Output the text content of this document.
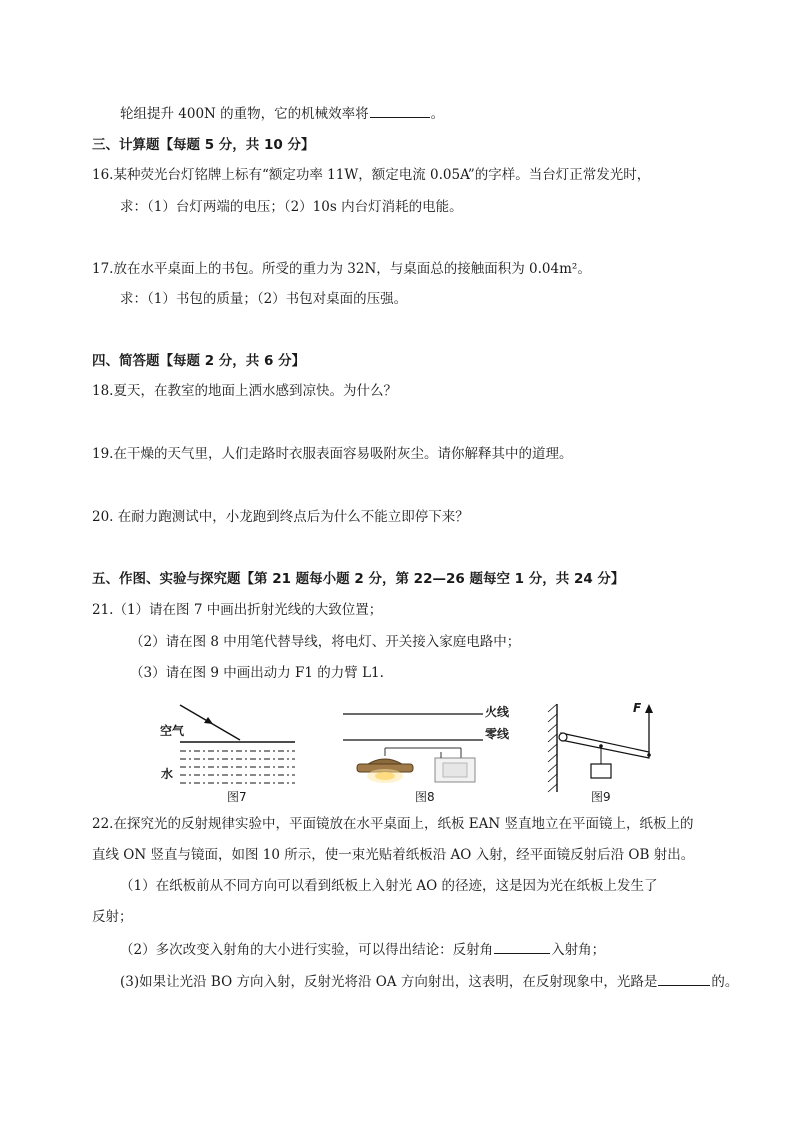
轮组提升 400N 的重物，它的机械效率将	。
三、计算题【每题 5 分，共 10 分】
16.某种荧光台灯铭牌上标有“额定功率 11W，额定电流 0.05A”的字样。当台灯正常发光时，
求：（1）台灯两端的电压；（2）10s 内台灯消耗的电能。
17.放在水平桌面上的书包。所受的重力为 32N，与桌面总的接触面积为 0.04m²。
求：（1）书包的质量；（2）书包对桌面的压强。
四、简答题【每题 2 分，共 6 分】
18.夏天，在教室的地面上洒水感到凉快。为什么？
19.在干燥的天气里，人们走路时衣服表面容易吸附灰尘。请你解释其中的道理。
20. 在耐力跑测试中，小龙跑到终点后为什么不能立即停下来？
五、作图、实验与探究题【第 21 题每小题 2 分，第 22—26 题每空 1 分，共 24 分】
21.（1）请在图 7 中画出折射光线的大致位置；
（2）请在图 8 中用笔代替导线，将电灯、开关接入家庭电路中；
（3）请在图 9 中画出动力 F1 的力臂 L1.
空气
水
图7
火线
零线
图8
F
图9
22.在探究光的反射规律实验中，平面镜放在水平桌面上，纸板 EAN 竖直地立在平面镜上，纸板上的
直线 ON 竖直与镜面，如图 10 所示，使一束光贴着纸板沿 AO 入射，经平面镜反射后沿 OB 射出。
（1）在纸板前从不同方向可以看到纸板上入射光 AO 的径迹，这是因为光在纸板上发生了
反射；
（2）多次改变入射角的大小进行实验，可以得出结论：反射角	入射角；
(3)如果让光沿 BO 方向入射，反射光将沿 OA 方向射出，这表明，在反射现象中，光路是	的。
